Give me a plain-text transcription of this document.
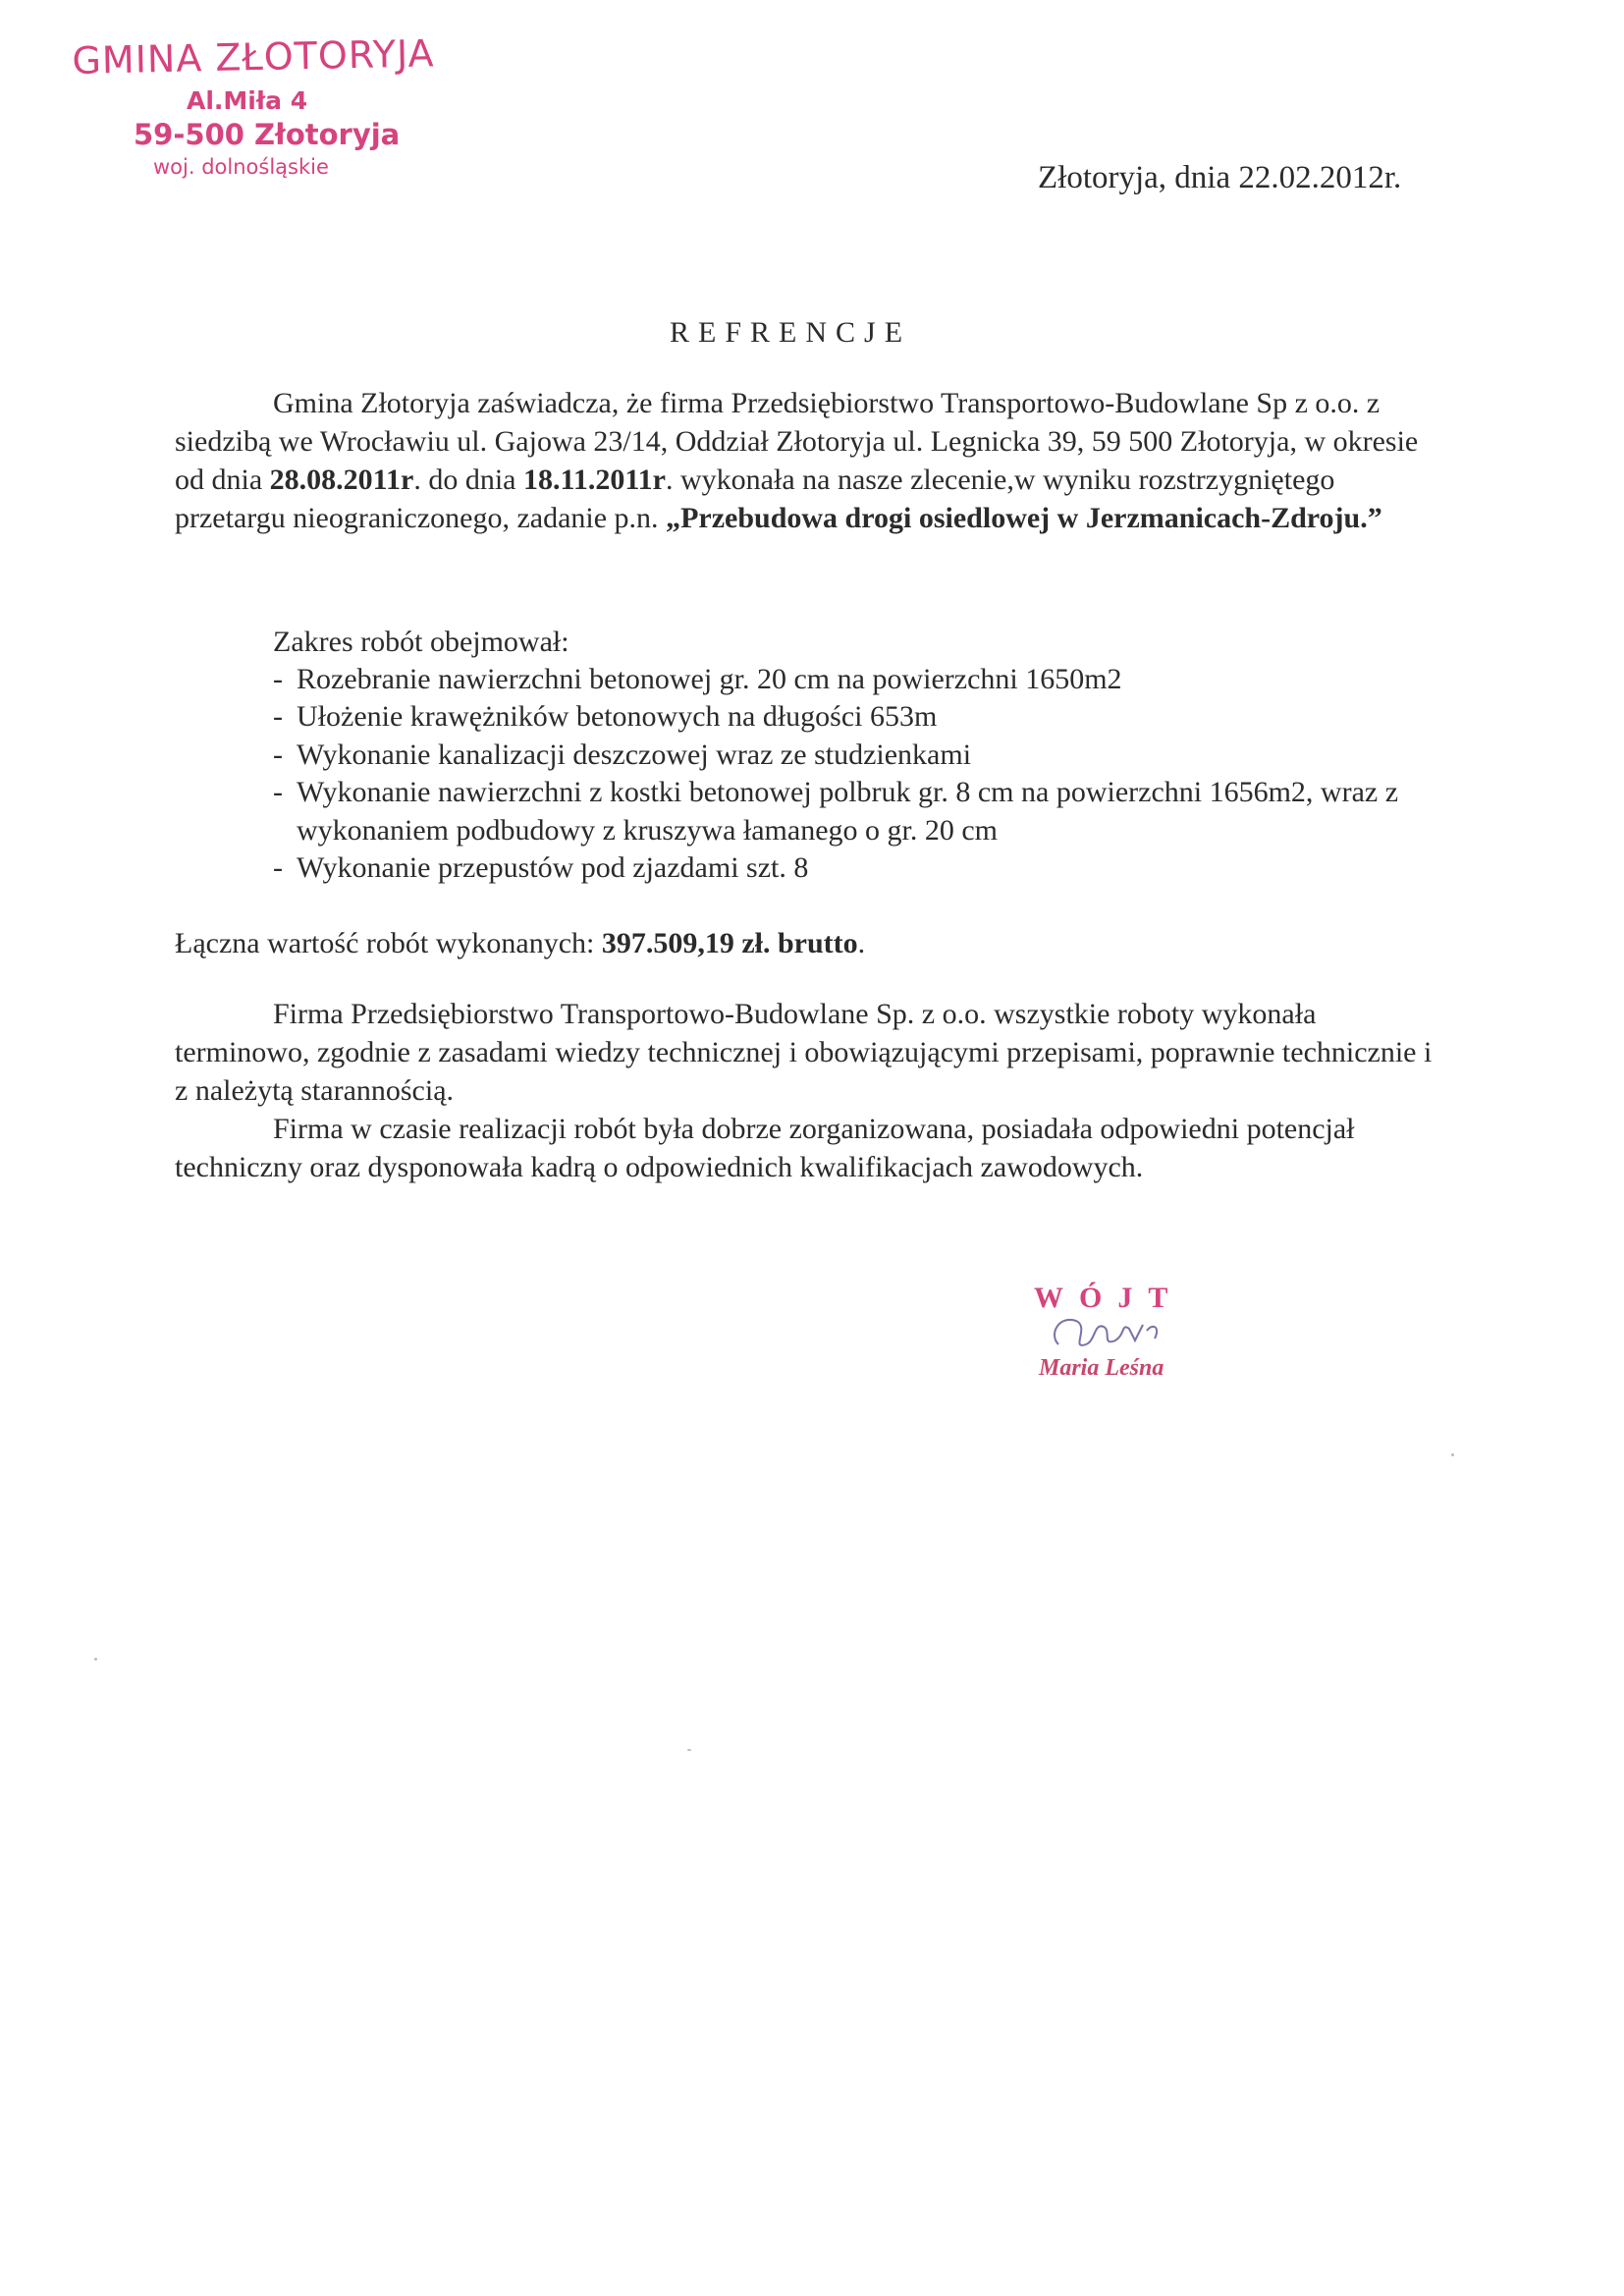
GMINA ZŁOTORYJA
Al.Miła 4
59-500 Złotoryja
woj. dolnośląskie	Złotoryja, dnia 22.02.2012r.
REFRENCJE
Gmina Złotoryja zaświadcza, że firma Przedsiębiorstwo Transportowo-Budowlane Sp z o.o. z siedzibą we Wrocławiu ul. Gajowa 23/14, Oddział Złotoryja ul. Legnicka 39, 59 500 Złotoryja, w okresie od dnia 28.08.2011r. do dnia 18.11.2011r. wykonała na nasze zlecenie,w wyniku rozstrzygniętego przetargu nieograniczonego, zadanie p.n. „Przebudowa drogi osiedlowej w Jerzmanicach-Zdroju.”
Zakres robót obejmował:
- Rozebranie nawierzchni betonowej gr. 20 cm na powierzchni 1650m2
- Ułożenie krawężników betonowych na długości 653m
- Wykonanie kanalizacji deszczowej wraz ze studzienkami
- Wykonanie nawierzchni z kostki betonowej polbruk gr. 8 cm na powierzchni 1656m2, wraz z wykonaniem podbudowy z kruszywa łamanego o gr. 20 cm
- Wykonanie przepustów pod zjazdami szt. 8
Łączna wartość robót wykonanych: 397.509,19 zł. brutto.
Firma Przedsiębiorstwo Transportowo-Budowlane Sp. z o.o. wszystkie roboty wykonała terminowo, zgodnie z zasadami wiedzy technicznej i obowiązującymi przepisami, poprawnie technicznie i z należytą starannością.
Firma w czasie realizacji robót była dobrze zorganizowana, posiadała odpowiedni potencjał techniczny oraz dysponowała kadrą o odpowiednich kwalifikacjach zawodowych.
WÓJT
Maria Leśna
